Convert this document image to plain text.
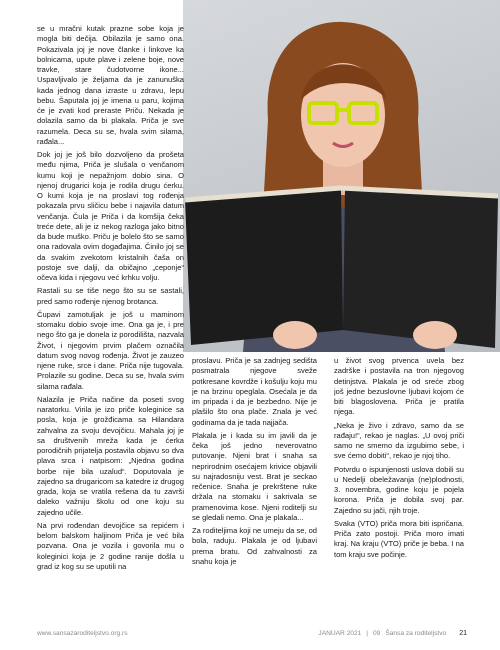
se u mračni kutak prazne sobe koja je mogla biti dečija. Obilazila je samo ona. Pokazivala joj je nove članke i linkove ka bolnicama, upute plave i zelene boje, nove travke, stare čudotvorne ikone... Uspavljivalo je željama da je zanunuška kada jednog dana izraste u zdravu, lepu bebu. Šaputala joj je imena u paru, kojima će je zvati kod preraste Priču. Nekada je dolazila samo da bi plakala. Priča je sve razumela. Deca su se, hvala svim silama, rađala...

Dok joj je još bilo dozvoljeno da prošeta među njima, Priča je slušala o venčanom kumu koji je nepažnjom dobio sina. O njenoj drugarici koja je rodila drugu ćerku. O kumi koja je na proslavi tog rođenja pokazala prvu sličicu bebe i najavila datum venčanja. Čula je Priča i da komšija čeka treće dete, ali je iz nekog razloga jako bitno da bude muško. Priču je bolelo što se samo ona radovala ovim događajima. Činilo joj se da svakim zvekotom kristalnih čaša on postoje sve dalji, da običajno „ceponje“ očeva kida i njegovu već krhku volju.

Rastali su se tiše nego što su se sastali, pred samo rođenje njenog brotanca.

Čupavi zamotuljak je još u maminom stomaku dobio svoje ime. Ona ga je, i pre nego što ga je donela iz porodilišta, nazvala Život, i njegovim prvim plačem označila datum svog novog rođenja. Život je zauzeo njene ruke, srce i dane. Priča nije tugovala. Prolazile su godine. Deca su se, hvala svim silama rađala.

Nalazila je Priča načine da poseti svog naratorku. Virila je izo priče koleginice sa posla, koja je grožđicama sa Hilandara zahvalna za svoju devojčicu. Mahala joj je sa društvenih mreža kada je ćerka porodičnih prijatelja postavila objavu so dva plava srca i natpisom: „Njedna godina borbe nije bila uzalud“. Doputovala je zajedno sa drugaricom sa katedre iz drugog grada, koja se vratila rešena da tu završi daleko važniju školu od one koju su zajedno učile.

Na prvi rođendan devojčice sa repićem i belom balskom haljinom Priča je već bila pozvana. Ona je vozila i govorila mu o koleginici koja je 2 godine ranije došla u grad iz kog su se uputili na

proslavu. Priča je sa zadnjeg sedišta posmatrala njegove sveže potkresane kovrdže i košulju koju mu je na brzinu opeglala. Osećala je da im pripada i da je bezbedno. Nije je plašilo što ona plače. Znala je već godinama da je tada najjača.

Plakala je i kada su im javili da je čeka još jedno neverovatno putovanje. Njeni brat i snaha sa neprirodnim osećajem krivice objavili su najradosniju vest. Brat je seckao rečenice. Snaha je prekrštene ruke držala na stomaku i sakrivala se pramenovima kose. Njeni roditelji su se gledali nemo. Ona je plakala...

Za roditeljima koji ne umeju da se, od bola, raduju. Plakala je od ljubavi prema bratu. Od zahvalnosti za snahu koja je

u život svog prvenca uvela bez zadrške i postavila na tron njegovog detinjstva. Plakala je od sreće zbog još jedne bezuslovne ljubavi kojom će biti blagoslovena. Priča je pratila njega.

„Neka je živo i zdravo, samo da se rađaju!“, rekao je naglas. „U ovoj priči samo ne smemo da izgubimo sebe, i sve ćemo dobiti“, rekao je njoj tiho.

Potvrdu o ispunjenosti uslova dobili su u Nedelji obeležavanja (ne)plodnosti, 3. novembra, godine koju je pojela korona. Priča je dobila svoj par. Zajedno su jači, njih troje.

Svaka (VTO) priča mora biti ispričana. Priča zato postoji. Priča moro imati kraj. Na kraju (VTO) priče je beba. I na tom kraju sve počinje.

www.sansazaroditeljstvo.org.rs	JANUAR 2021 | 09 Šansa za roditeljstvo 21
